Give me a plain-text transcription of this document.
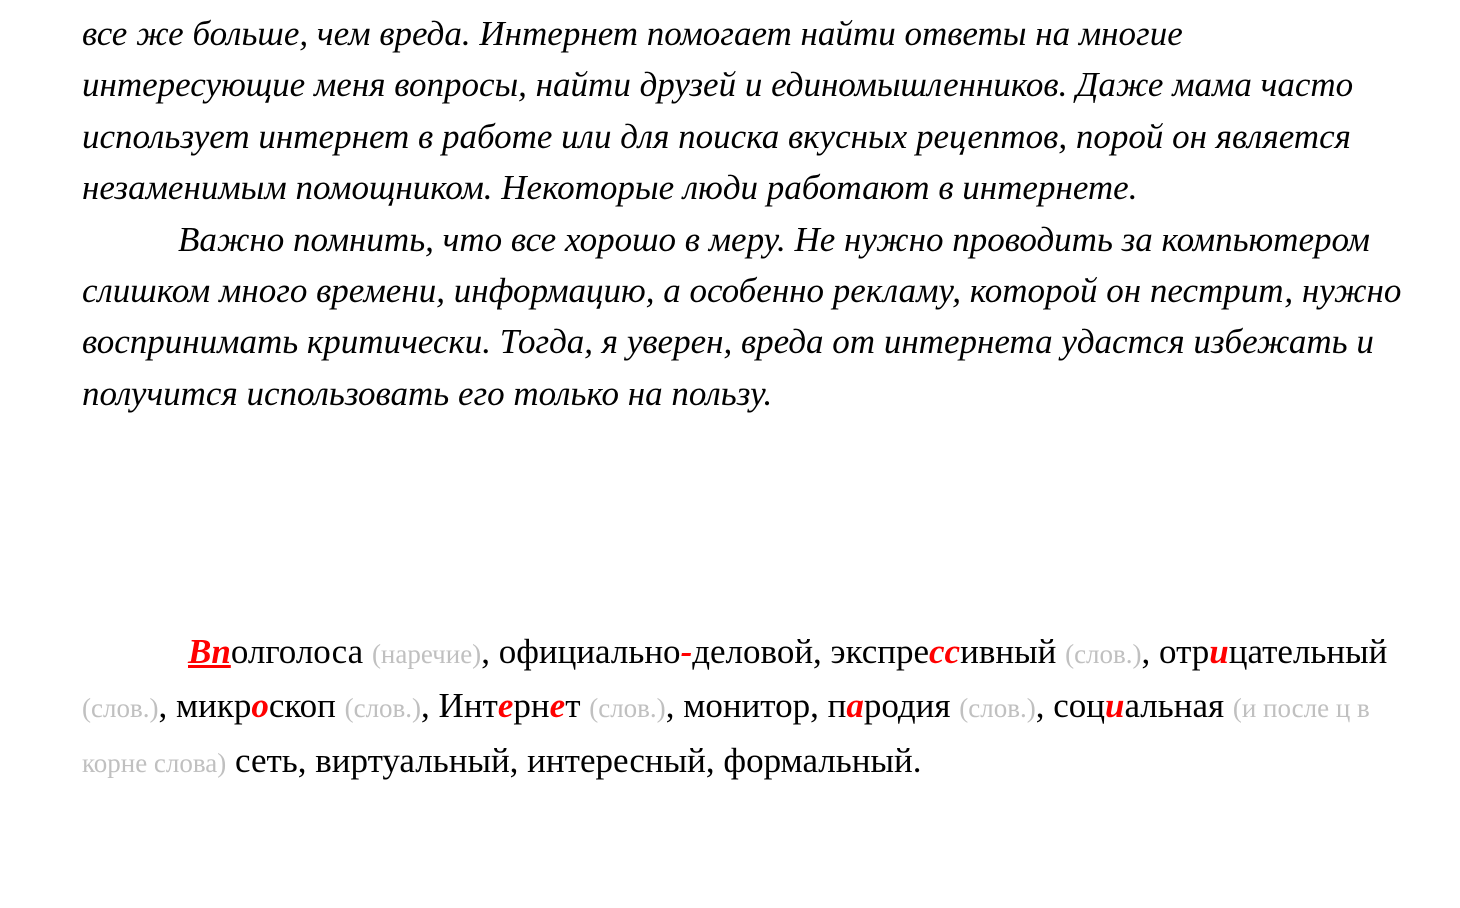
все же больше, чем вреда. Интернет помогает найти ответы на многие интересующие меня вопросы, найти друзей и единомышленников. Даже мама часто использует интернет в работе или для поиска вкусных рецептов, порой он является незаменимым помощником. Некоторые люди работают в интернете.

Важно помнить, что все хорошо в меру. Не нужно проводить за компьютером слишком много времени, информацию, а особенно рекламу, которой он пестрит, нужно воспринимать критически. Тогда, я уверен, вреда от интернета удастся избежать и получится использовать его только на пользу.

Вполголоса (наречие), официально-деловой, экспрессивный (слов.), отрицательный (слов.), микроскоп (слов.), Интернет (слов.), монитор, пародия (слов.), социальная (и после ц в корне слова) сеть, виртуальный, интересный, формальный.
